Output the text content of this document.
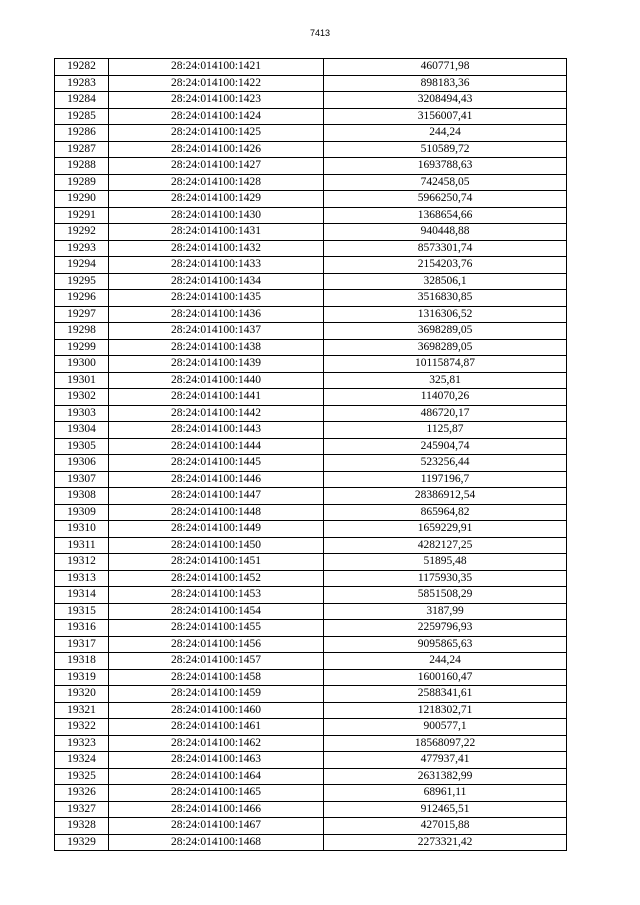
7413
19282	28:24:014100:1421	460771,98
19283	28:24:014100:1422	898183,36
19284	28:24:014100:1423	3208494,43
19285	28:24:014100:1424	3156007,41
19286	28:24:014100:1425	244,24
19287	28:24:014100:1426	510589,72
19288	28:24:014100:1427	1693788,63
19289	28:24:014100:1428	742458,05
19290	28:24:014100:1429	5966250,74
19291	28:24:014100:1430	1368654,66
19292	28:24:014100:1431	940448,88
19293	28:24:014100:1432	8573301,74
19294	28:24:014100:1433	2154203,76
19295	28:24:014100:1434	328506,1
19296	28:24:014100:1435	3516830,85
19297	28:24:014100:1436	1316306,52
19298	28:24:014100:1437	3698289,05
19299	28:24:014100:1438	3698289,05
19300	28:24:014100:1439	10115874,87
19301	28:24:014100:1440	325,81
19302	28:24:014100:1441	114070,26
19303	28:24:014100:1442	486720,17
19304	28:24:014100:1443	1125,87
19305	28:24:014100:1444	245904,74
19306	28:24:014100:1445	523256,44
19307	28:24:014100:1446	1197196,7
19308	28:24:014100:1447	28386912,54
19309	28:24:014100:1448	865964,82
19310	28:24:014100:1449	1659229,91
19311	28:24:014100:1450	4282127,25
19312	28:24:014100:1451	51895,48
19313	28:24:014100:1452	1175930,35
19314	28:24:014100:1453	5851508,29
19315	28:24:014100:1454	3187,99
19316	28:24:014100:1455	2259796,93
19317	28:24:014100:1456	9095865,63
19318	28:24:014100:1457	244,24
19319	28:24:014100:1458	1600160,47
19320	28:24:014100:1459	2588341,61
19321	28:24:014100:1460	1218302,71
19322	28:24:014100:1461	900577,1
19323	28:24:014100:1462	18568097,22
19324	28:24:014100:1463	477937,41
19325	28:24:014100:1464	2631382,99
19326	28:24:014100:1465	68961,11
19327	28:24:014100:1466	912465,51
19328	28:24:014100:1467	427015,88
19329	28:24:014100:1468	2273321,42
